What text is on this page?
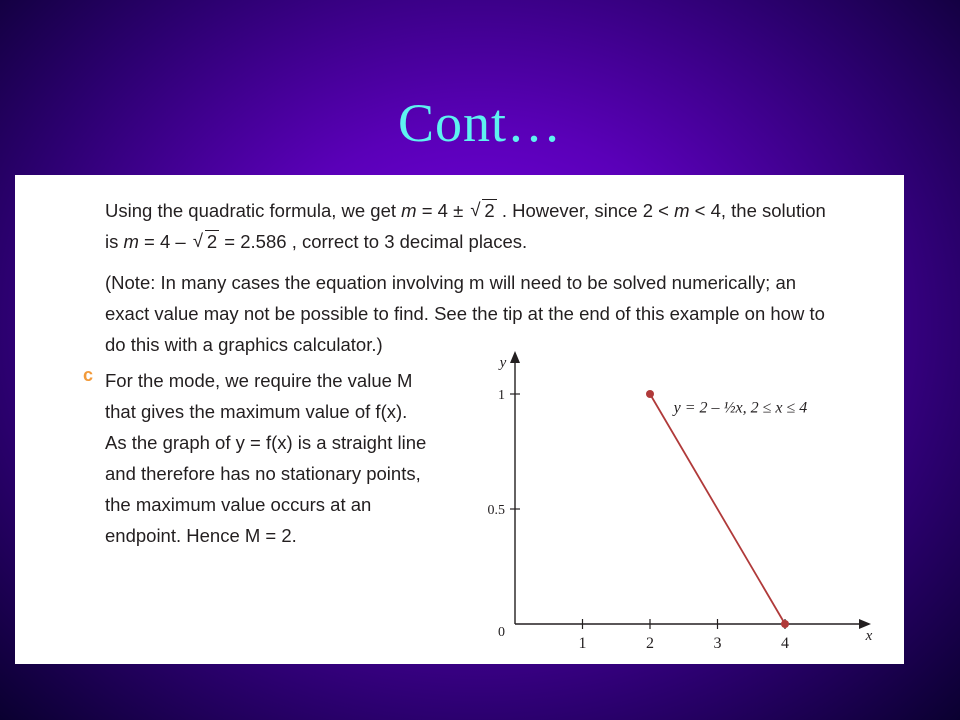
Cont…
Using the quadratic formula, we get m = 4 ± √ 2 . However, since 2 < m < 4, the solution
is m = 4 – √ 2 = 2.586 , correct to 3 decimal places.
(Note: In many cases the equation involving m will need to be solved numerically; an
exact value may not be possible to find. See the tip at the end of this example on how to
do this with a graphics calculator.)
c For the mode, we require the value M
that gives the maximum value of f(x).
As the graph of y = f(x) is a straight line
and therefore has no stationary points,
the maximum value occurs at an
endpoint. Hence M = 2.
x
y
1	2	3	4
0
0.5
1
y = 2 – ½x, 2 ≤ x ≤ 4
